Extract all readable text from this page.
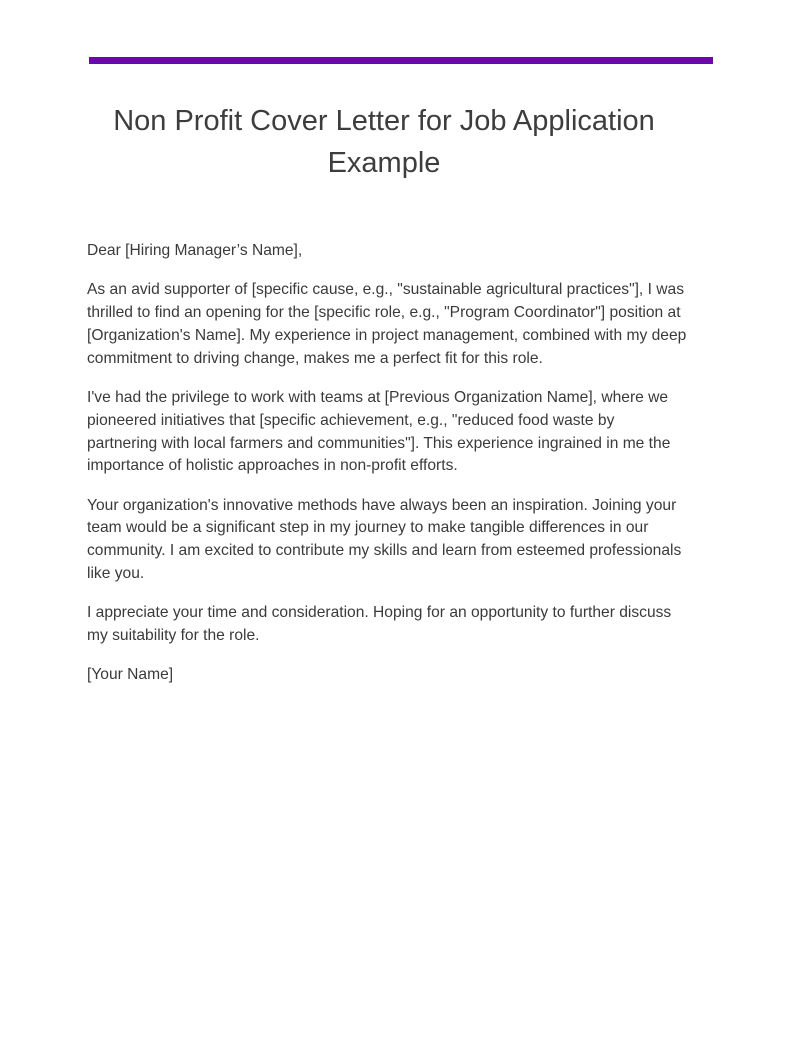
Non Profit Cover Letter for Job Application Example

Dear [Hiring Manager’s Name],

As an avid supporter of [specific cause, e.g., "sustainable agricultural practices"], I was thrilled to find an opening for the [specific role, e.g., "Program Coordinator"] position at [Organization's Name]. My experience in project management, combined with my deep commitment to driving change, makes me a perfect fit for this role.

I've had the privilege to work with teams at [Previous Organization Name], where we pioneered initiatives that [specific achievement, e.g., "reduced food waste by partnering with local farmers and communities"]. This experience ingrained in me the importance of holistic approaches in non-profit efforts.

Your organization's innovative methods have always been an inspiration. Joining your team would be a significant step in my journey to make tangible differences in our community. I am excited to contribute my skills and learn from esteemed professionals like you.

I appreciate your time and consideration. Hoping for an opportunity to further discuss my suitability for the role.

[Your Name]
